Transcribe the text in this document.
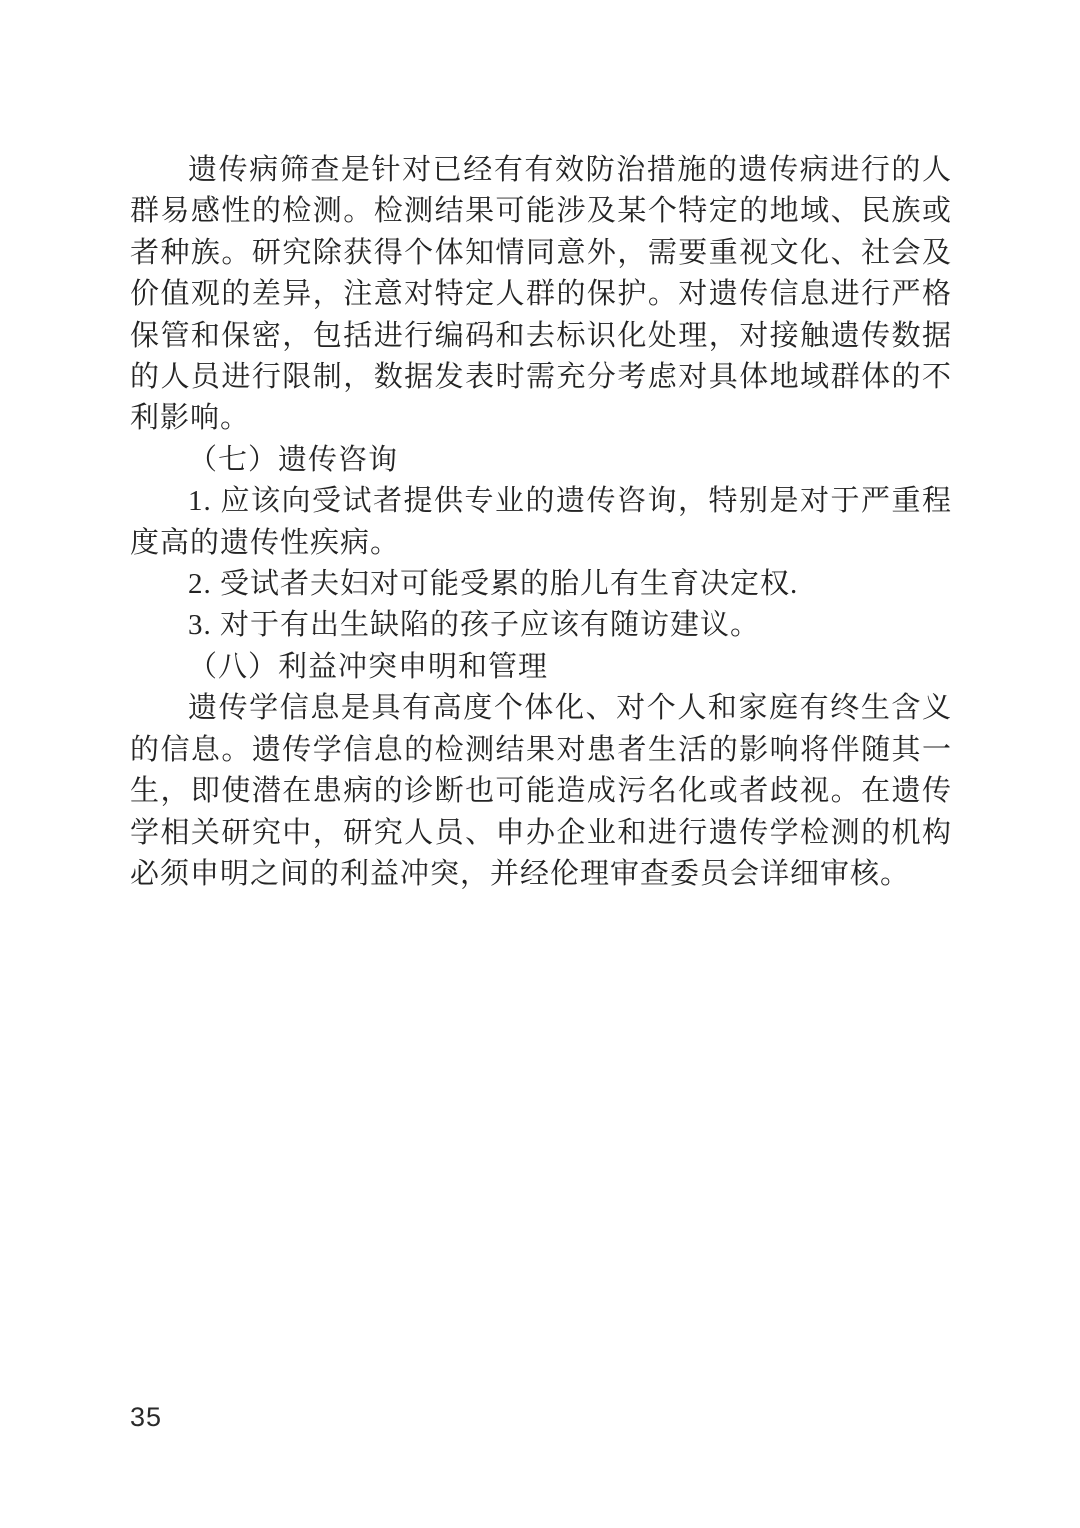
遗传病筛查是针对已经有有效防治措施的遗传病进行的人群易感性的检测。检测结果可能涉及某个特定的地域、民族或者种族。研究除获得个体知情同意外，需要重视文化、社会及价值观的差异，注意对特定人群的保护。对遗传信息进行严格保管和保密，包括进行编码和去标识化处理，对接触遗传数据的人员进行限制，数据发表时需充分考虑对具体地域群体的不利影响。

（七）遗传咨询

1. 应该向受试者提供专业的遗传咨询，特别是对于严重程度高的遗传性疾病。

2. 受试者夫妇对可能受累的胎儿有生育决定权.

3. 对于有出生缺陷的孩子应该有随访建议。

（八）利益冲突申明和管理

遗传学信息是具有高度个体化、对个人和家庭有终生含义的信息。遗传学信息的检测结果对患者生活的影响将伴随其一生，即使潜在患病的诊断也可能造成污名化或者歧视。在遗传学相关研究中，研究人员、申办企业和进行遗传学检测的机构必须申明之间的利益冲突，并经伦理审查委员会详细审核。

35
